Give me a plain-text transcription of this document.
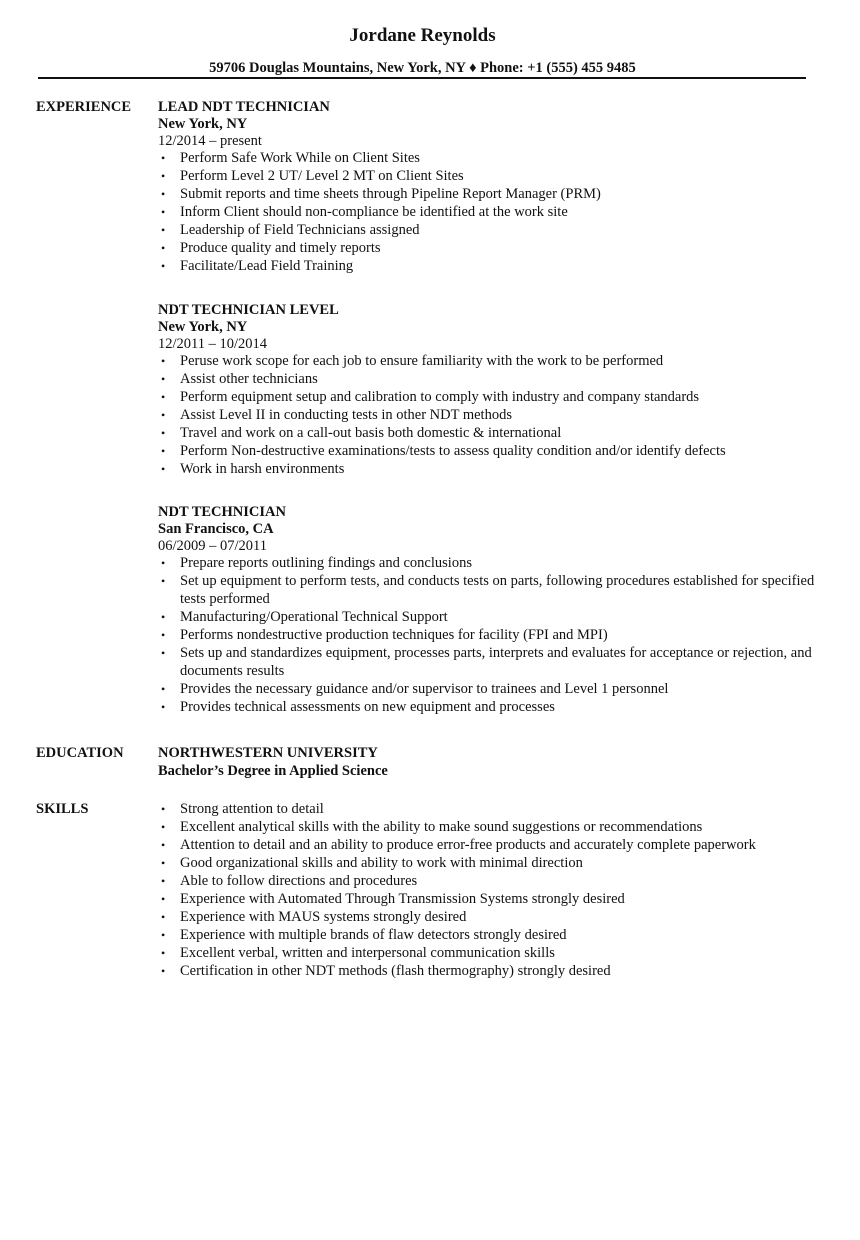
Jordane Reynolds
59706 Douglas Mountains, New York, NY ♦ Phone: +1 (555) 455 9485
EXPERIENCE LEAD NDT TECHNICIAN
New York, NY
12/2014 – present
• Perform Safe Work While on Client Sites
• Perform Level 2 UT/ Level 2 MT on Client Sites
• Submit reports and time sheets through Pipeline Report Manager (PRM)
• Inform Client should non-compliance be identified at the work site
• Leadership of Field Technicians assigned
• Produce quality and timely reports
• Facilitate/Lead Field Training
NDT TECHNICIAN LEVEL
New York, NY
12/2011 – 10/2014
• Peruse work scope for each job to ensure familiarity with the work to be performed
• Assist other technicians
• Perform equipment setup and calibration to comply with industry and company standards
• Assist Level II in conducting tests in other NDT methods
• Travel and work on a call-out basis both domestic & international
• Perform Non-destructive examinations/tests to assess quality condition and/or identify defects
• Work in harsh environments
NDT TECHNICIAN
San Francisco, CA
06/2009 – 07/2011
• Prepare reports outlining findings and conclusions
• Set up equipment to perform tests, and conducts tests on parts, following procedures established for specified tests performed
• Manufacturing/Operational Technical Support
• Performs nondestructive production techniques for facility (FPI and MPI)
• Sets up and standardizes equipment, processes parts, interprets and evaluates for acceptance or rejection, and documents results
• Provides the necessary guidance and/or supervisor to trainees and Level 1 personnel
• Provides technical assessments on new equipment and processes
EDUCATION NORTHWESTERN UNIVERSITY
Bachelor’s Degree in Applied Science
SKILLS	• Strong attention to detail
• Excellent analytical skills with the ability to make sound suggestions or recommendations
• Attention to detail and an ability to produce error-free products and accurately complete paperwork
• Good organizational skills and ability to work with minimal direction
• Able to follow directions and procedures
• Experience with Automated Through Transmission Systems strongly desired
• Experience with MAUS systems strongly desired
• Experience with multiple brands of flaw detectors strongly desired
• Excellent verbal, written and interpersonal communication skills
• Certification in other NDT methods (flash thermography) strongly desired
